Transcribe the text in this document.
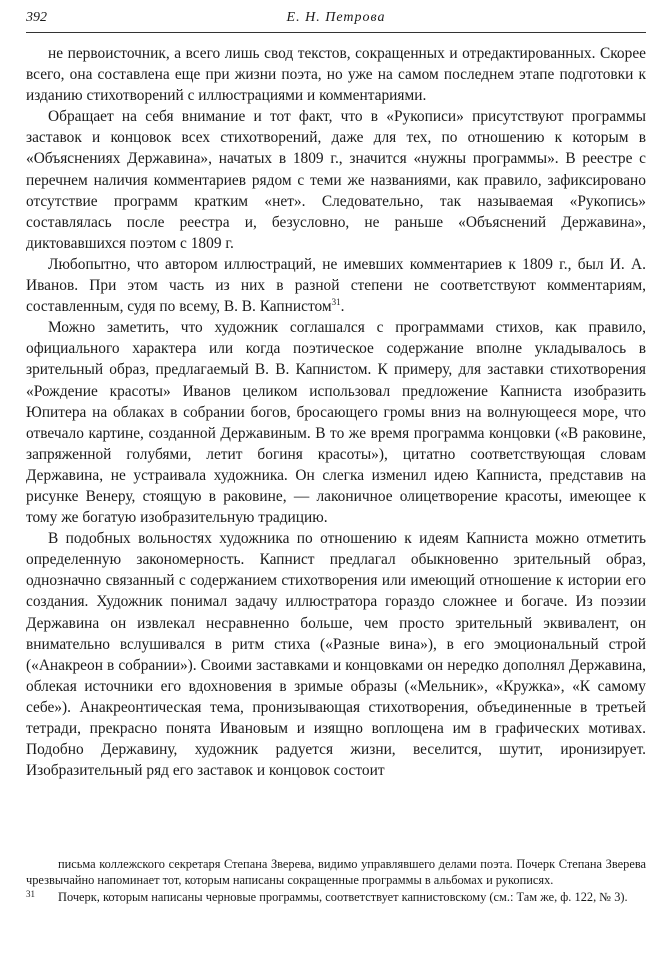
392	Е. Н. Петрова

не первоисточник, а всего лишь свод текстов, сокращенных и отредактированных. Скорее всего, она составлена еще при жизни поэта, но уже на самом последнем этапе подготовки к изданию стихотворений с иллюстрациями и комментариями.

Обращает на себя внимание и тот факт, что в «Рукописи» присутствуют программы заставок и концовок всех стихотворений, даже для тех, по отношению к которым в «Объяснениях Державина», начатых в 1809 г., значится «нужны программы». В реестре с перечнем наличия комментариев рядом с теми же названиями, как правило, зафиксировано отсутствие программ кратким «нет». Следовательно, так называемая «Рукопись» составлялась после реестра и, безусловно, не раньше «Объяснений Державина», диктовавшихся поэтом с 1809 г.

Любопытно, что автором иллюстраций, не имевших комментариев к 1809 г., был И. А. Иванов. При этом часть из них в разной степени не соответствуют комментариям, составленным, судя по всему, В. В. Капнистом$^{31}$.

Можно заметить, что художник соглашался с программами стихов, как правило, официального характера или когда поэтическое содержание вполне укладывалось в зрительный образ, предлагаемый В. В. Капнистом. К примеру, для заставки стихотворения «Рождение красоты» Иванов целиком использовал предложение Капниста изобразить Юпитера на облаках в собрании богов, бросающего громы вниз на волнующееся море, что отвечало картине, созданной Державиным. В то же время программа концовки («В раковине, запряженной голубями, летит богиня красоты»), цитатно соответствующая словам Державина, не устраивала художника. Он слегка изменил идею Капниста, представив на рисунке Венеру, стоящую в раковине, — лаконичное олицетворение красоты, имеющее к тому же богатую изобразительную традицию.

В подобных вольностях художника по отношению к идеям Капниста можно отметить определенную закономерность. Капнист предлагал обыкновенно зрительный образ, однозначно связанный с содержанием стихотворения или имеющий отношение к истории его создания. Художник понимал задачу иллюстратора гораздо сложнее и богаче. Из поэзии Державина он извлекал несравненно больше, чем просто зрительный эквивалент, он внимательно вслушивался в ритм стиха («Разные вина»), в его эмоциональный строй («Анакреон в собрании»). Своими заставками и концовками он нередко дополнял Державина, облекая источники его вдохновения в зримые образы («Мельник», «Кружка», «К самому себе»). Анакреонтическая тема, пронизывающая стихотворения, объединенные в третьей тетради, прекрасно понята Ивановым и изящно воплощена им в графических мотивах. Подобно Державину, художник радуется жизни, веселится, шутит, иронизирует. Изобразительный ряд его заставок и концовок состоит

письма коллежского секретаря Степана Зверева, видимо управлявшего делами поэта. Почерк Степана Зверева чрезвычайно напоминает тот, которым написаны сокращенные программы в альбомах и рукописях.

31 Почерк, которым написаны черновые программы, соответствует капнистовскому (см.: Там же, ф. 122, № 3).
